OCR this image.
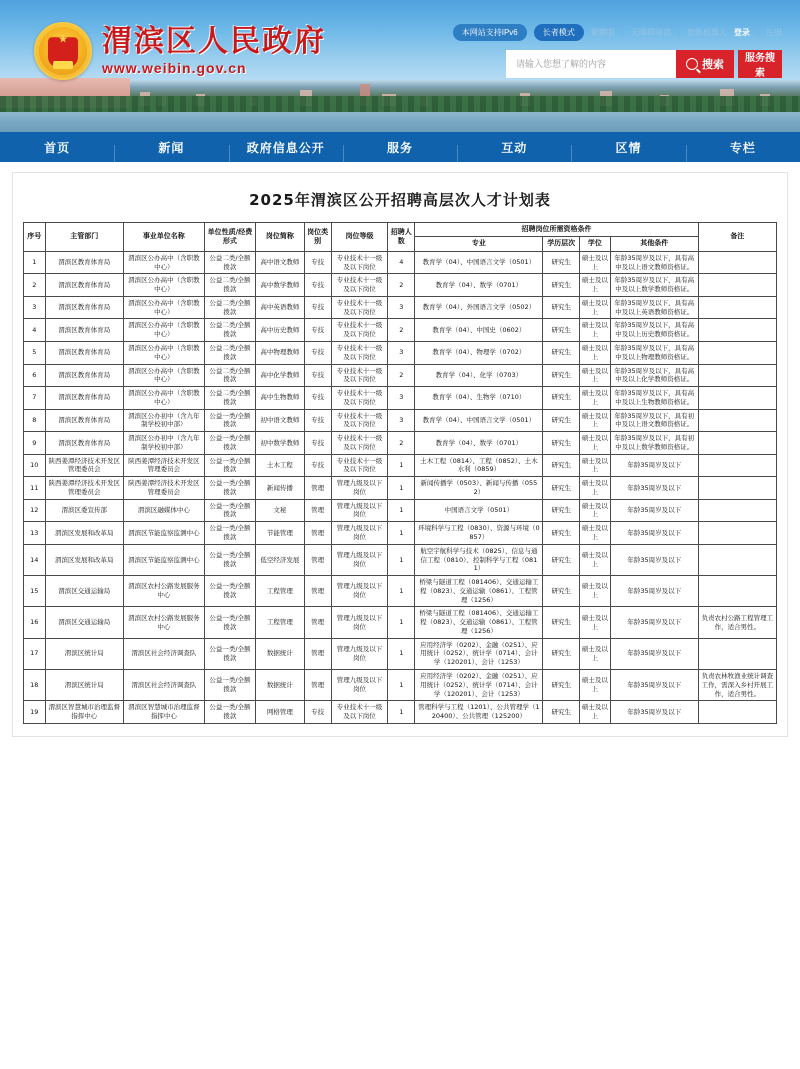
★ 渭滨区人民政府
www.weibin.gov.cn
本网站支持IPv6	长者模式	繁體版 | 无障碍阅读 | 智能机器人 登录 | 注册
请输入您想了解的内容
搜索 服务搜索
首页	新闻	政府信息公开	服务	互动	区情	专栏
2025年渭滨区公开招聘高层次人才计划表
序号	主管部门	事业单位名称	单位性质/经费形式	岗位简称	岗位类别	岗位等级	招聘人数	招聘岗位所需资格条件				备注
								专业	学历层次	学位	其他条件	
1	渭滨区教育体育局	渭滨区公办高中（含职教中心）	公益二类/全额拨款	高中语文教师	专技	专业技术十一级及以下岗位	4	教育学（04）、中国语言文学（0501）	研究生	硕士及以上	年龄35周岁及以下，具有高中及以上语文教师资格证。	
2	渭滨区教育体育局	渭滨区公办高中（含职教中心）	公益二类/全额拨款	高中数学教师	专技	专业技术十一级及以下岗位	2	教育学（04）、数学（0701）	研究生	硕士及以上	年龄35周岁及以下，具有高中及以上数学教师资格证。	
3	渭滨区教育体育局	渭滨区公办高中（含职教中心）	公益二类/全额拨款	高中英语教师	专技	专业技术十一级及以下岗位	3	教育学（04）、外国语言文学（0502）	研究生	硕士及以上	年龄35周岁及以下，具有高中及以上英语教师资格证。	
4	渭滨区教育体育局	渭滨区公办高中（含职教中心）	公益二类/全额拨款	高中历史教师	专技	专业技术十一级及以下岗位	2	教育学（04）、中国史（0602）	研究生	硕士及以上	年龄35周岁及以下，具有高中及以上历史教师资格证。	
5	渭滨区教育体育局	渭滨区公办高中（含职教中心）	公益二类/全额拨款	高中物理教师	专技	专业技术十一级及以下岗位	3	教育学（04）、物理学（0702）	研究生	硕士及以上	年龄35周岁及以下，具有高中及以上物理教师资格证。	
6	渭滨区教育体育局	渭滨区公办高中（含职教中心）	公益二类/全额拨款	高中化学教师	专技	专业技术十一级及以下岗位	2	教育学（04）、化学（0703）	研究生	硕士及以上	年龄35周岁及以下，具有高中及以上化学教师资格证。	
7	渭滨区教育体育局	渭滨区公办高中（含职教中心）	公益二类/全额拨款	高中生物教师	专技	专业技术十一级及以下岗位	3	教育学（04）、生物学（0710）	研究生	硕士及以上	年龄35周岁及以下，具有高中及以上生物教师资格证。	
8	渭滨区教育体育局	渭滨区公办初中（含九年制学校初中部）	公益一类/全额拨款	初中语文教师	专技	专业技术十一级及以下岗位	3	教育学（04）、中国语言文学（0501）	研究生	硕士及以上	年龄35周岁及以下，具有初中及以上语文教师资格证。	
9	渭滨区教育体育局	渭滨区公办初中（含九年制学校初中部）	公益一类/全额拨款	初中数学教师	专技	专业技术十一级及以下岗位	2	教育学（04）、数学（0701）	研究生	硕士及以上	年龄35周岁及以下，具有初中及以上数学教师资格证。	
10	陕西姜潭经济技术开发区管理委员会	陕西姜潭经济技术开发区管理委员会	公益一类/全额拨款	土木工程	专技	专业技术十一级及以下岗位	1	土木工程（0814）、工程（0852）、土木水利（0859）	研究生	硕士及以上	年龄35周岁及以下	
11	陕西姜潭经济技术开发区管理委员会	陕西姜潭经济技术开发区管理委员会	公益一类/全额拨款	新闻传播	管理	管理九级及以下岗位	1	新闻传播学（0503）、新闻与传播（0552）	研究生	硕士及以上	年龄35周岁及以下	
12	渭滨区委宣传部	渭滨区融媒体中心	公益一类/全额拨款	文秘	管理	管理九级及以下岗位	1	中国语言文学（0501）	研究生	硕士及以上	年龄35周岁及以下	
13	渭滨区发展和改革局	渭滨区节能监察监测中心	公益一类/全额拨款	节能管理	管理	管理九级及以下岗位	1	环境科学与工程（0830）、资源与环境（0857）	研究生	硕士及以上	年龄35周岁及以下	
14	渭滨区发展和改革局	渭滨区节能监察监测中心	公益一类/全额拨款	低空经济发展	管理	管理九级及以下岗位	1	航空宇航科学与技术（0825）、信息与通信工程（0810）、控制科学与工程（0811）	研究生	硕士及以上	年龄35周岁及以下	
15	渭滨区交通运输局	渭滨区农村公路发展服务中心	公益一类/全额拨款	工程管理	管理	管理九级及以下岗位	1	桥梁与隧道工程（081406）、交通运输工程（0823）、交通运输（0861）、工程管理（1256）	研究生	硕士及以上	年龄35周岁及以下	
16	渭滨区交通运输局	渭滨区农村公路发展服务中心	公益一类/全额拨款	工程管理	管理	管理九级及以下岗位	1	桥梁与隧道工程（081406）、交通运输工程（0823）、交通运输（0861）、工程管理（1256）	研究生	硕士及以上	年龄35周岁及以下	负责农村公路工程管理工作，适合男性。
17	渭滨区统计局	渭滨区社会经济调查队	公益一类/全额拨款	数据统计	管理	管理九级及以下岗位	1	应用经济学（0202）、金融（0251）、应用统计（0252）、统计学（0714）、会计学（120201）、会计（1253）	研究生	硕士及以上	年龄35周岁及以下	
18	渭滨区统计局	渭滨区社会经济调查队	公益一类/全额拨款	数据统计	管理	管理九级及以下岗位	1	应用经济学（0202）、金融（0251）、应用统计（0252）、统计学（0714）、会计学（120201）、会计（1253）	研究生	硕士及以上	年龄35周岁及以下	负责农林牧渔业统计调查工作，需深入乡村开展工作，适合男性。
19	渭滨区智慧城市治理监督指挥中心	渭滨区智慧城市治理监督指挥中心	公益一类/全额拨款	网格管理	专技	专业技术十一级及以下岗位	1	管理科学与工程（1201）、公共管理学（120400）、公共管理（125200）	研究生	硕士及以上	年龄35周岁及以下	
